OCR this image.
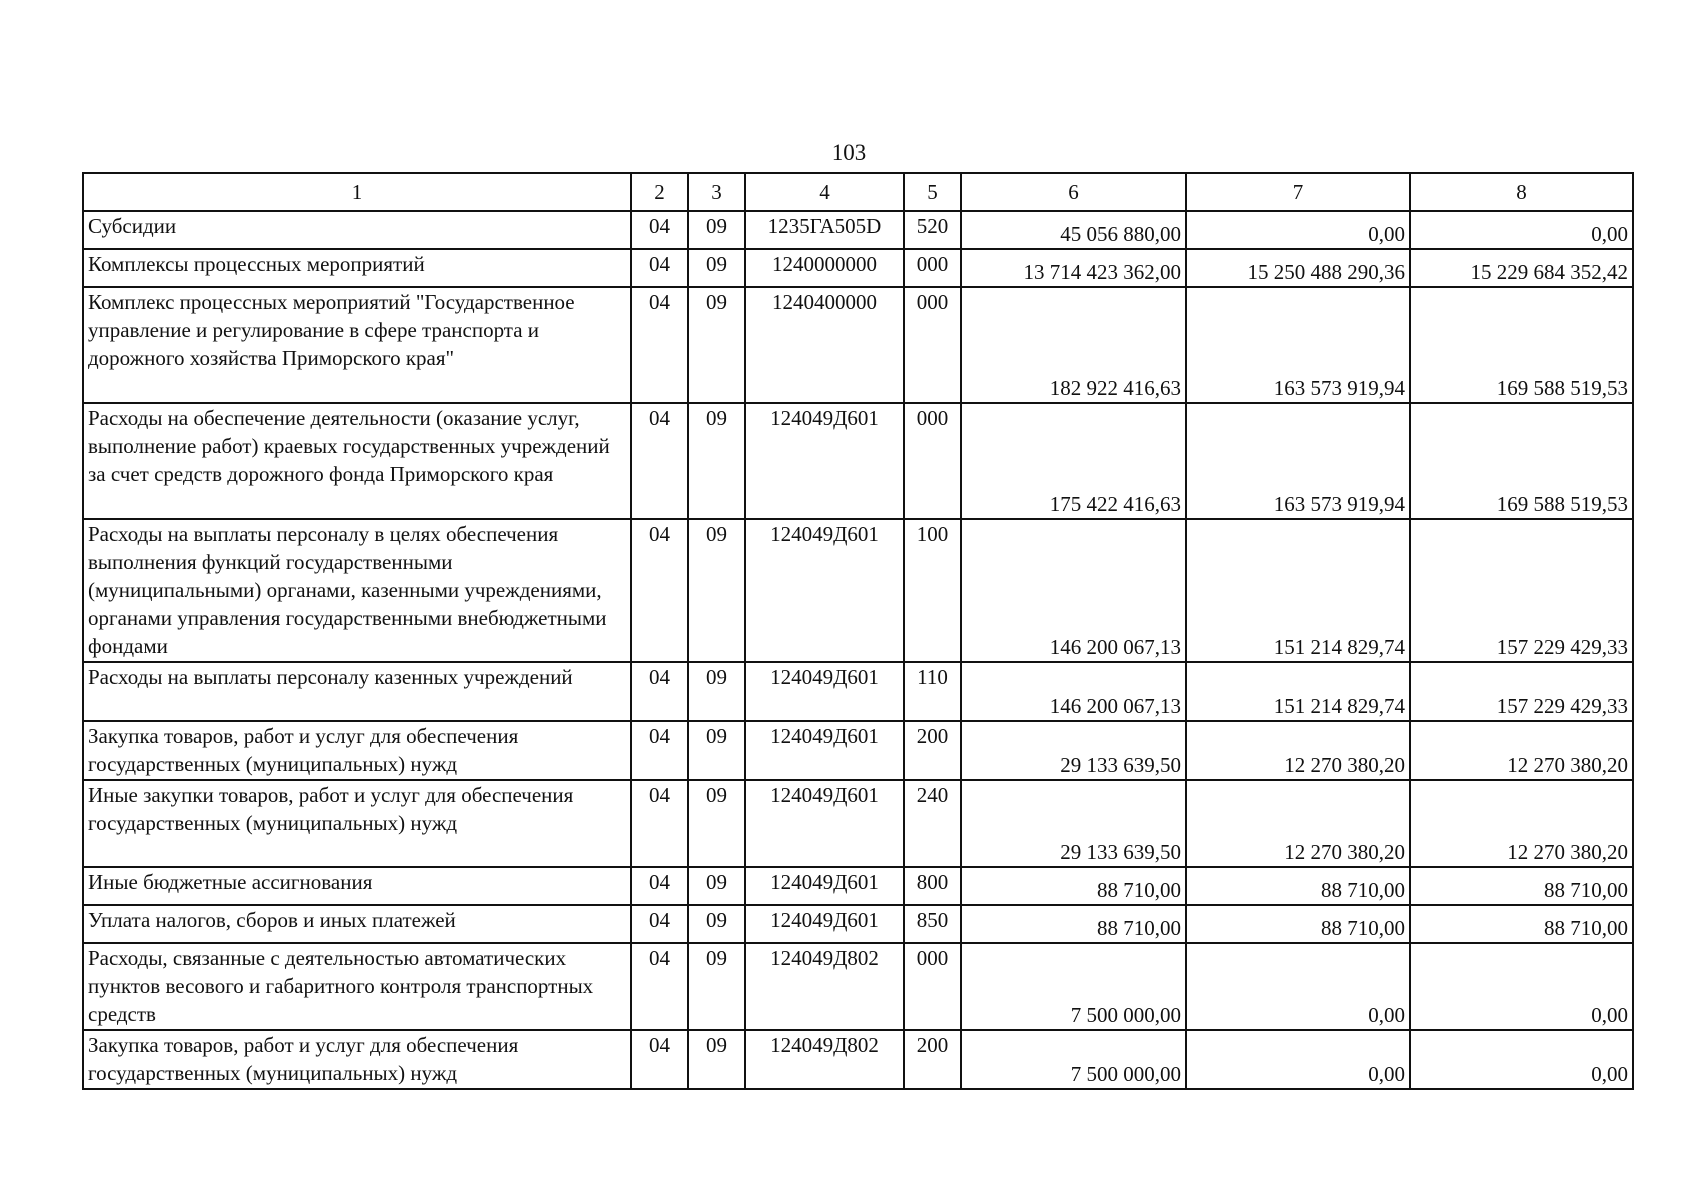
103
1	2	3	4	5	6	7	8
Субсидии	04	09	1235ГА505D	520	45 056 880,00	0,00	0,00
Комплексы процессных мероприятий	04	09	1240000000	000	13 714 423 362,00	15 250 488 290,36	15 229 684 352,42
Комплекс процессных мероприятий "Государственное управление и регулирование в сфере транспорта и дорожного хозяйства Приморского края"	04	09	1240400000	000	182 922 416,63	163 573 919,94	169 588 519,53
Расходы на обеспечение деятельности (оказание услуг, выполнение работ) краевых государственных учреждений за счет средств дорожного фонда Приморского края	04	09	124049Д601	000	175 422 416,63	163 573 919,94	169 588 519,53
Расходы на выплаты персоналу в целях обеспечения выполнения функций государственными (муниципальными) органами, казенными учреждениями, органами управления государственными внебюджетными фондами	04	09	124049Д601	100	146 200 067,13	151 214 829,74	157 229 429,33
Расходы на выплаты персоналу казенных учреждений	04	09	124049Д601	110	146 200 067,13	151 214 829,74	157 229 429,33
Закупка товаров, работ и услуг для обеспечения государственных (муниципальных) нужд	04	09	124049Д601	200	29 133 639,50	12 270 380,20	12 270 380,20
Иные закупки товаров, работ и услуг для обеспечения государственных (муниципальных) нужд	04	09	124049Д601	240	29 133 639,50	12 270 380,20	12 270 380,20
Иные бюджетные ассигнования	04	09	124049Д601	800	88 710,00	88 710,00	88 710,00
Уплата налогов, сборов и иных платежей	04	09	124049Д601	850	88 710,00	88 710,00	88 710,00
Расходы, связанные с деятельностью автоматических пунктов весового и габаритного контроля транспортных средств	04	09	124049Д802	000	7 500 000,00	0,00	0,00
Закупка товаров, работ и услуг для обеспечения государственных (муниципальных) нужд	04	09	124049Д802	200	7 500 000,00	0,00	0,00
